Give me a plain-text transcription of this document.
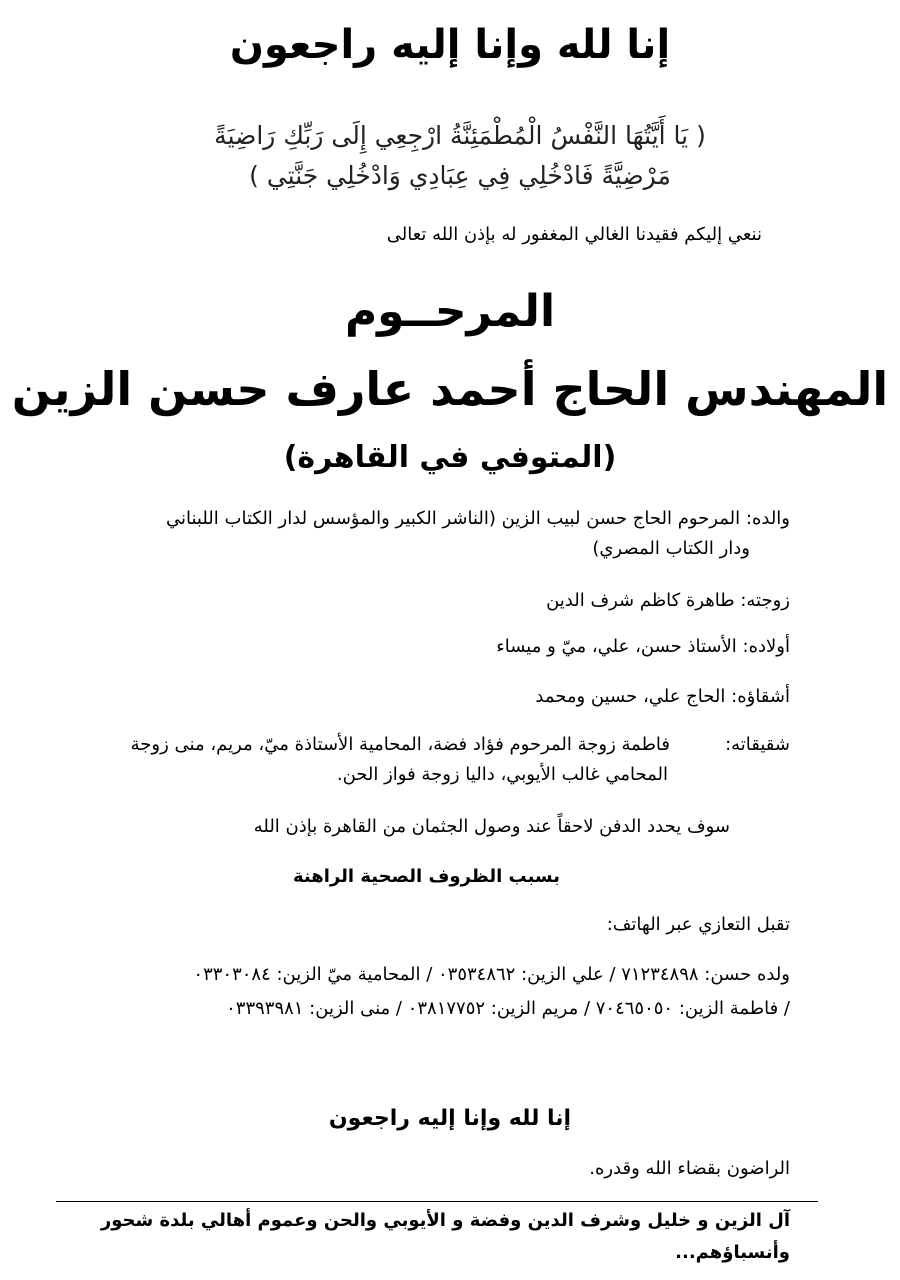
إنا لله وإنا إليه راجعون
( يَا أَيَّتُهَا النَّفْسُ الْمُطْمَئِنَّةُ ارْجِعِي إِلَى رَبِّكِ رَاضِيَةً
مَرْضِيَّةً فَادْخُلِي فِي عِبَادِي وَادْخُلِي جَنَّتِي )
ننعي إليكم فقيدنا الغالي المغفور له بإذن الله تعالى
المرحــوم
المهندس الحاج أحمد عارف حسن الزين
(المتوفي في القاهرة)
والده: المرحوم الحاج حسن لبيب الزين (الناشر الكبير والمؤسس لدار الكتاب اللبناني
ودار الكتاب المصري)
زوجته: طاهرة كاظم شرف الدين
أولاده: الأستاذ حسن، علي، ميّ و ميساء
أشقاؤه: الحاج علي، حسين ومحمد
شقيقاته:فاطمة زوجة المرحوم فؤاد فضة، المحامية الأستاذة ميّ، مريم، منى زوجة
المحامي غالب الأيوبي، داليا زوجة فواز الحن.
سوف يحدد الدفن لاحقاً عند وصول الجثمان من القاهرة بإذن الله
بسبب الظروف الصحية الراهنة
تقبل التعازي عبر الهاتف:
ولده حسن: ٧١٢٣٤٨٩٨ / علي الزين: ٠٣٥٣٤٨٦٢ / المحامية ميّ الزين: ٠٣٣٠٣٠٨٤
/ فاطمة الزين: ٧٠٤٦٥٠٥٠ / مريم الزين: ٠٣٨١٧٧٥٢ / منى الزين: ٠٣٣٩٣٩٨١
إنا لله وإنا إليه راجعون
الراضون بقضاء الله وقدره.
آل الزين و خليل وشرف الدين وفضة و الأيوبي والحن وعموم أهالي بلدة شحور
وأنسباؤهم...
